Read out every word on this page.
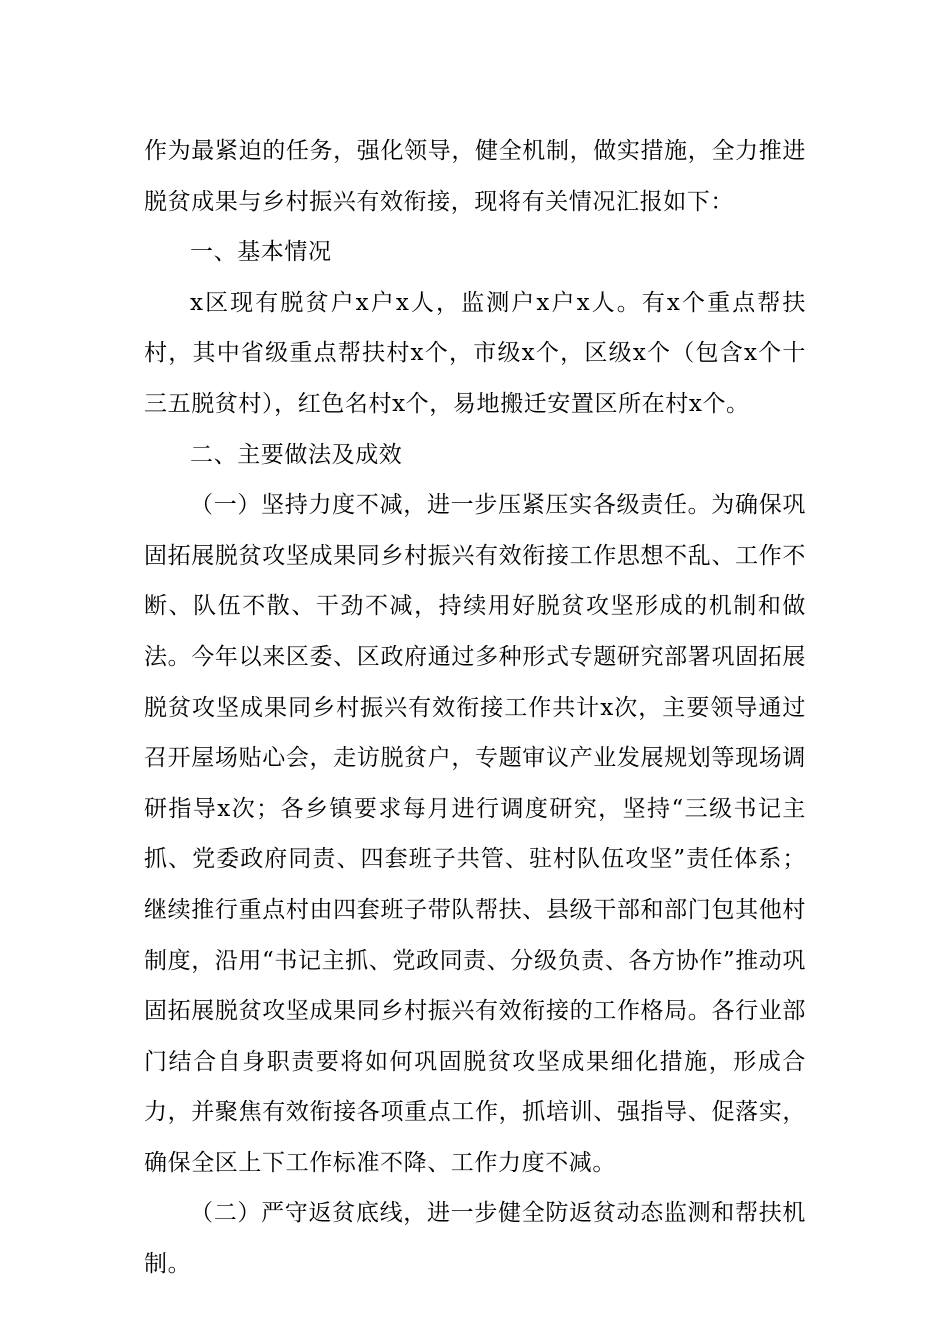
作为最紧迫的任务，强化领导，健全机制，做实措施，全力推进脱贫成果与乡村振兴有效衔接，现将有关情况汇报如下：

一、基本情况

x区现有脱贫户x户x人，监测户x户x人。有x个重点帮扶村，其中省级重点帮扶村x个，市级x个，区级x个（包含x个十三五脱贫村），红色名村x个，易地搬迁安置区所在村x个。

二、主要做法及成效

（一）坚持力度不减，进一步压紧压实各级责任。为确保巩固拓展脱贫攻坚成果同乡村振兴有效衔接工作思想不乱、工作不断、队伍不散、干劲不减，持续用好脱贫攻坚形成的机制和做法。今年以来区委、区政府通过多种形式专题研究部署巩固拓展脱贫攻坚成果同乡村振兴有效衔接工作共计x次，主要领导通过召开屋场贴心会，走访脱贫户，专题审议产业发展规划等现场调研指导x次；各乡镇要求每月进行调度研究，坚持“三级书记主抓、党委政府同责、四套班子共管、驻村队伍攻坚”责任体系；继续推行重点村由四套班子带队帮扶、县级干部和部门包其他村制度，沿用“书记主抓、党政同责、分级负责、各方协作”推动巩固拓展脱贫攻坚成果同乡村振兴有效衔接的工作格局。各行业部门结合自身职责要将如何巩固脱贫攻坚成果细化措施，形成合力，并聚焦有效衔接各项重点工作，抓培训、强指导、促落实，确保全区上下工作标准不降、工作力度不减。

（二）严守返贫底线，进一步健全防返贫动态监测和帮扶机制。
